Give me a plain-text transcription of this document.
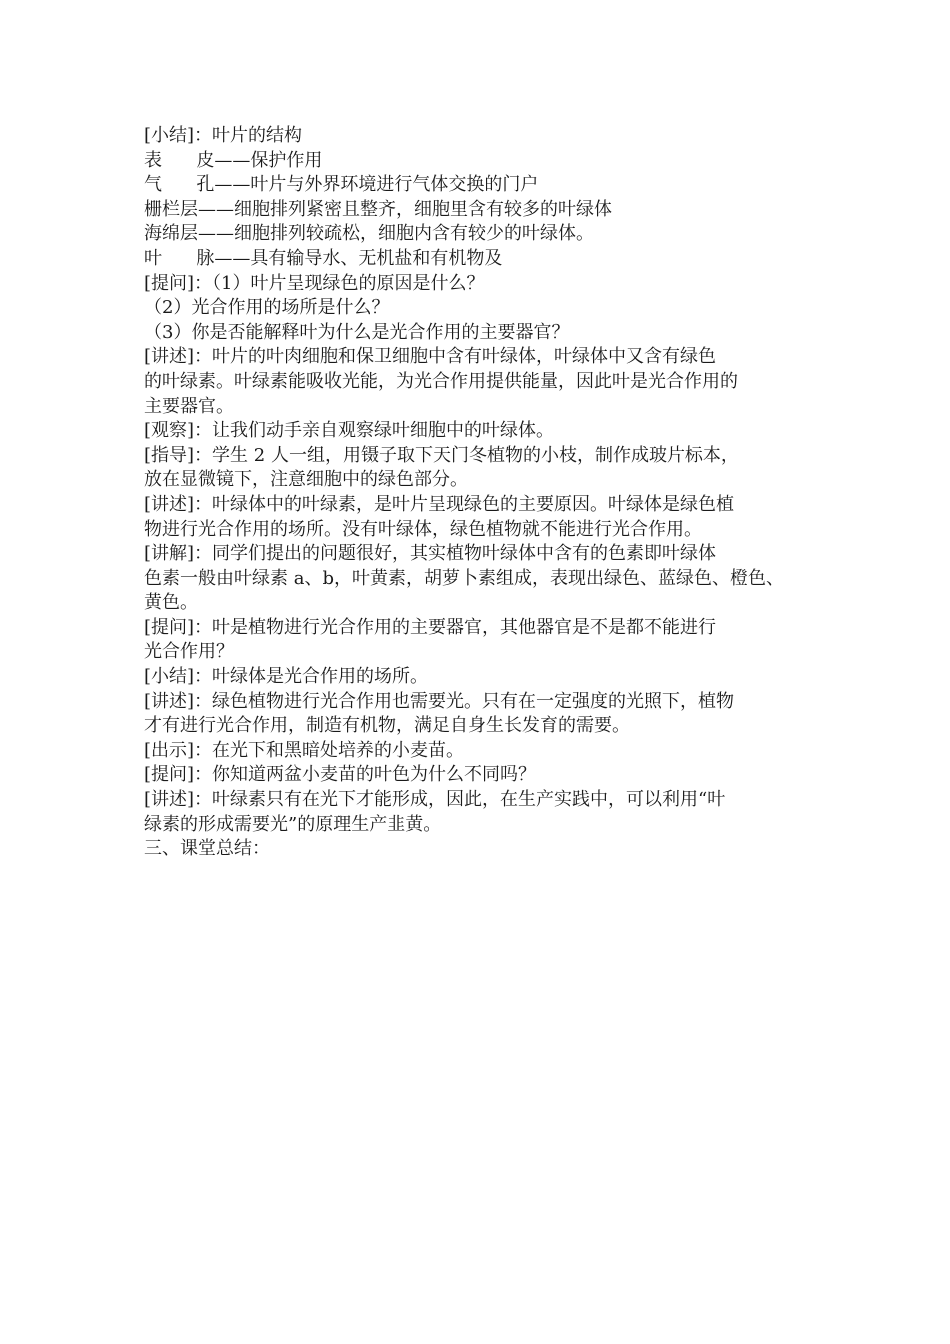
[小结]：叶片的结构
表      皮——保护作用
气      孔——叶片与外界环境进行气体交换的门户
栅栏层——细胞排列紧密且整齐，细胞里含有较多的叶绿体
海绵层——细胞排列较疏松，细胞内含有较少的叶绿体。
叶      脉——具有输导水、无机盐和有机物及
[提问]：（1）叶片呈现绿色的原因是什么？
（2）光合作用的场所是什么？
（3）你是否能解释叶为什么是光合作用的主要器官？
[讲述]：叶片的叶肉细胞和保卫细胞中含有叶绿体，叶绿体中又含有绿色
的叶绿素。叶绿素能吸收光能，为光合作用提供能量，因此叶是光合作用的
主要器官。
[观察]：让我们动手亲自观察绿叶细胞中的叶绿体。
[指导]：学生 2 人一组，用镊子取下天门冬植物的小枝，制作成玻片标本，
放在显微镜下，注意细胞中的绿色部分。
[讲述]：叶绿体中的叶绿素，是叶片呈现绿色的主要原因。叶绿体是绿色植
物进行光合作用的场所。没有叶绿体，绿色植物就不能进行光合作用。
[讲解]：同学们提出的问题很好，其实植物叶绿体中含有的色素即叶绿体
色素一般由叶绿素 a、b，叶黄素，胡萝卜素组成，表现出绿色、蓝绿色、橙色、
黄色。
[提问]：叶是植物进行光合作用的主要器官，其他器官是不是都不能进行
光合作用？
[小结]：叶绿体是光合作用的场所。
[讲述]：绿色植物进行光合作用也需要光。只有在一定强度的光照下，植物
才有进行光合作用，制造有机物，满足自身生长发育的需要。
[出示]：在光下和黑暗处培养的小麦苗。
[提问]：你知道两盆小麦苗的叶色为什么不同吗？
[讲述]：叶绿素只有在光下才能形成，因此，在生产实践中，可以利用“叶
绿素的形成需要光”的原理生产韭黄。
三、课堂总结：
